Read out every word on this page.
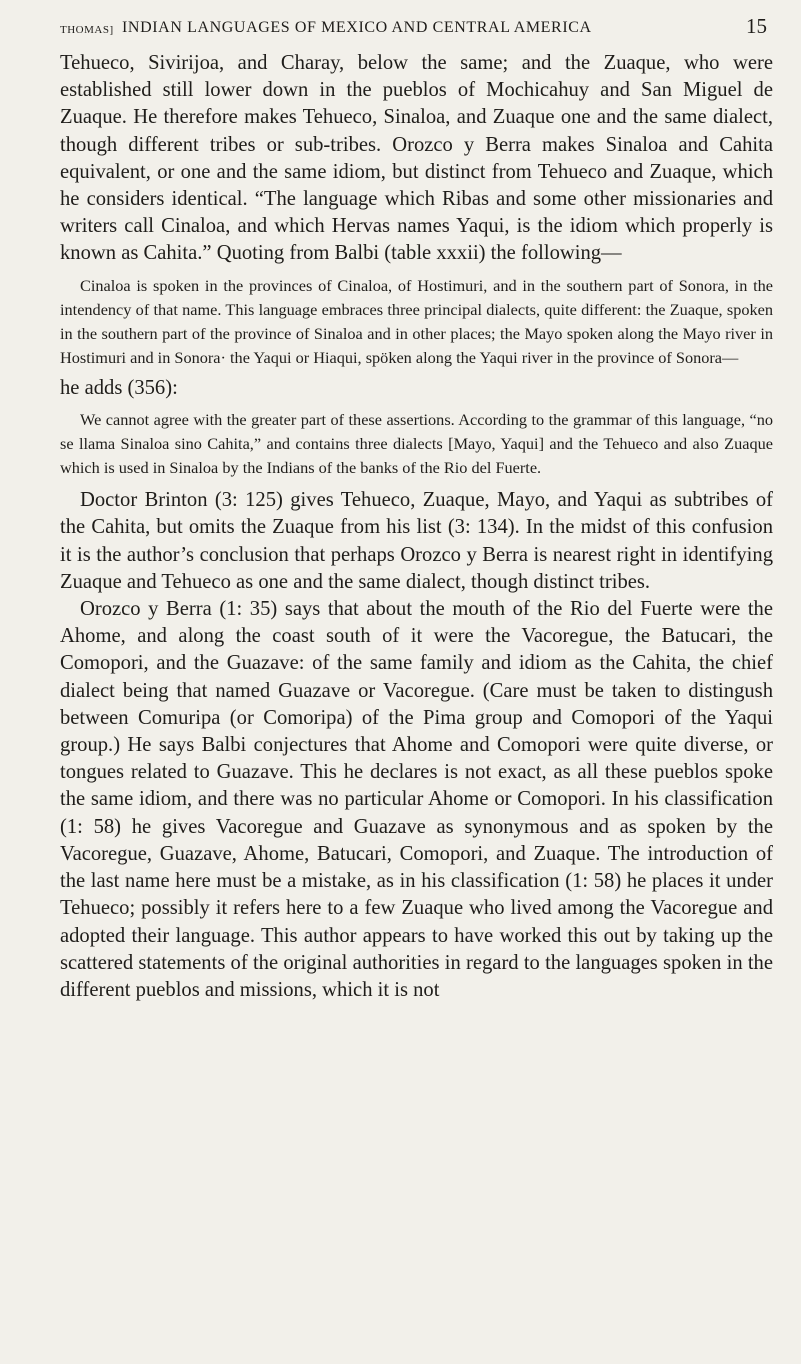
THOMAS] INDIAN LANGUAGES OF MEXICO AND CENTRAL AMERICA	15

Tehueco, Sivirijoa, and Charay, below the same; and the Zuaque, who were established still lower down in the pueblos of Mochicahuy and San Miguel de Zuaque. He therefore makes Tehueco, Sinaloa, and Zuaque one and the same dialect, though different tribes or sub-tribes. Orozco y Berra makes Sinaloa and Cahita equivalent, or one and the same idiom, but distinct from Tehueco and Zuaque, which he considers identical. “The language which Ribas and some other missionaries and writers call Cinaloa, and which Hervas names Yaqui, is the idiom which properly is known as Cahita.” Quoting from Balbi (table xxxii) the following—

Cinaloa is spoken in the provinces of Cinaloa, of Hostimuri, and in the southern part of Sonora, in the intendency of that name. This language embraces three principal dialects, quite different: the Zuaque, spoken in the southern part of the province of Sinaloa and in other places; the Mayo spoken along the Mayo river in Hostimuri and in Sonora· the Yaqui or Hiaqui, spöken along the Yaqui river in the province of Sonora—

he adds (356):

We cannot agree with the greater part of these assertions. According to the grammar of this language, “no se llama Sinaloa sino Cahita,” and contains three dialects [Mayo, Yaqui] and the Tehueco and also Zuaque which is used in Sinaloa by the Indians of the banks of the Rio del Fuerte.

Doctor Brinton (3: 125) gives Tehueco, Zuaque, Mayo, and Yaqui as subtribes of the Cahita, but omits the Zuaque from his list (3: 134). In the midst of this confusion it is the author’s conclusion that perhaps Orozco y Berra is nearest right in identifying Zuaque and Tehueco as one and the same dialect, though distinct tribes.

Orozco y Berra (1: 35) says that about the mouth of the Rio del Fuerte were the Ahome, and along the coast south of it were the Vacoregue, the Batucari, the Comopori, and the Guazave: of the same family and idiom as the Cahita, the chief dialect being that named Guazave or Vacoregue. (Care must be taken to distingush between Comuripa (or Comoripa) of the Pima group and Comopori of the Yaqui group.) He says Balbi conjectures that Ahome and Comopori were quite diverse, or tongues related to Guazave. This he declares is not exact, as all these pueblos spoke the same idiom, and there was no particular Ahome or Comopori. In his classification (1: 58) he gives Vacoregue and Guazave as synonymous and as spoken by the Vacoregue, Guazave, Ahome, Batucari, Comopori, and Zuaque. The introduction of the last name here must be a mistake, as in his classification (1: 58) he places it under Tehueco; possibly it refers here to a few Zuaque who lived among the Vacoregue and adopted their language. This author appears to have worked this out by taking up the scattered statements of the original authorities in regard to the languages spoken in the different pueblos and missions, which it is not
